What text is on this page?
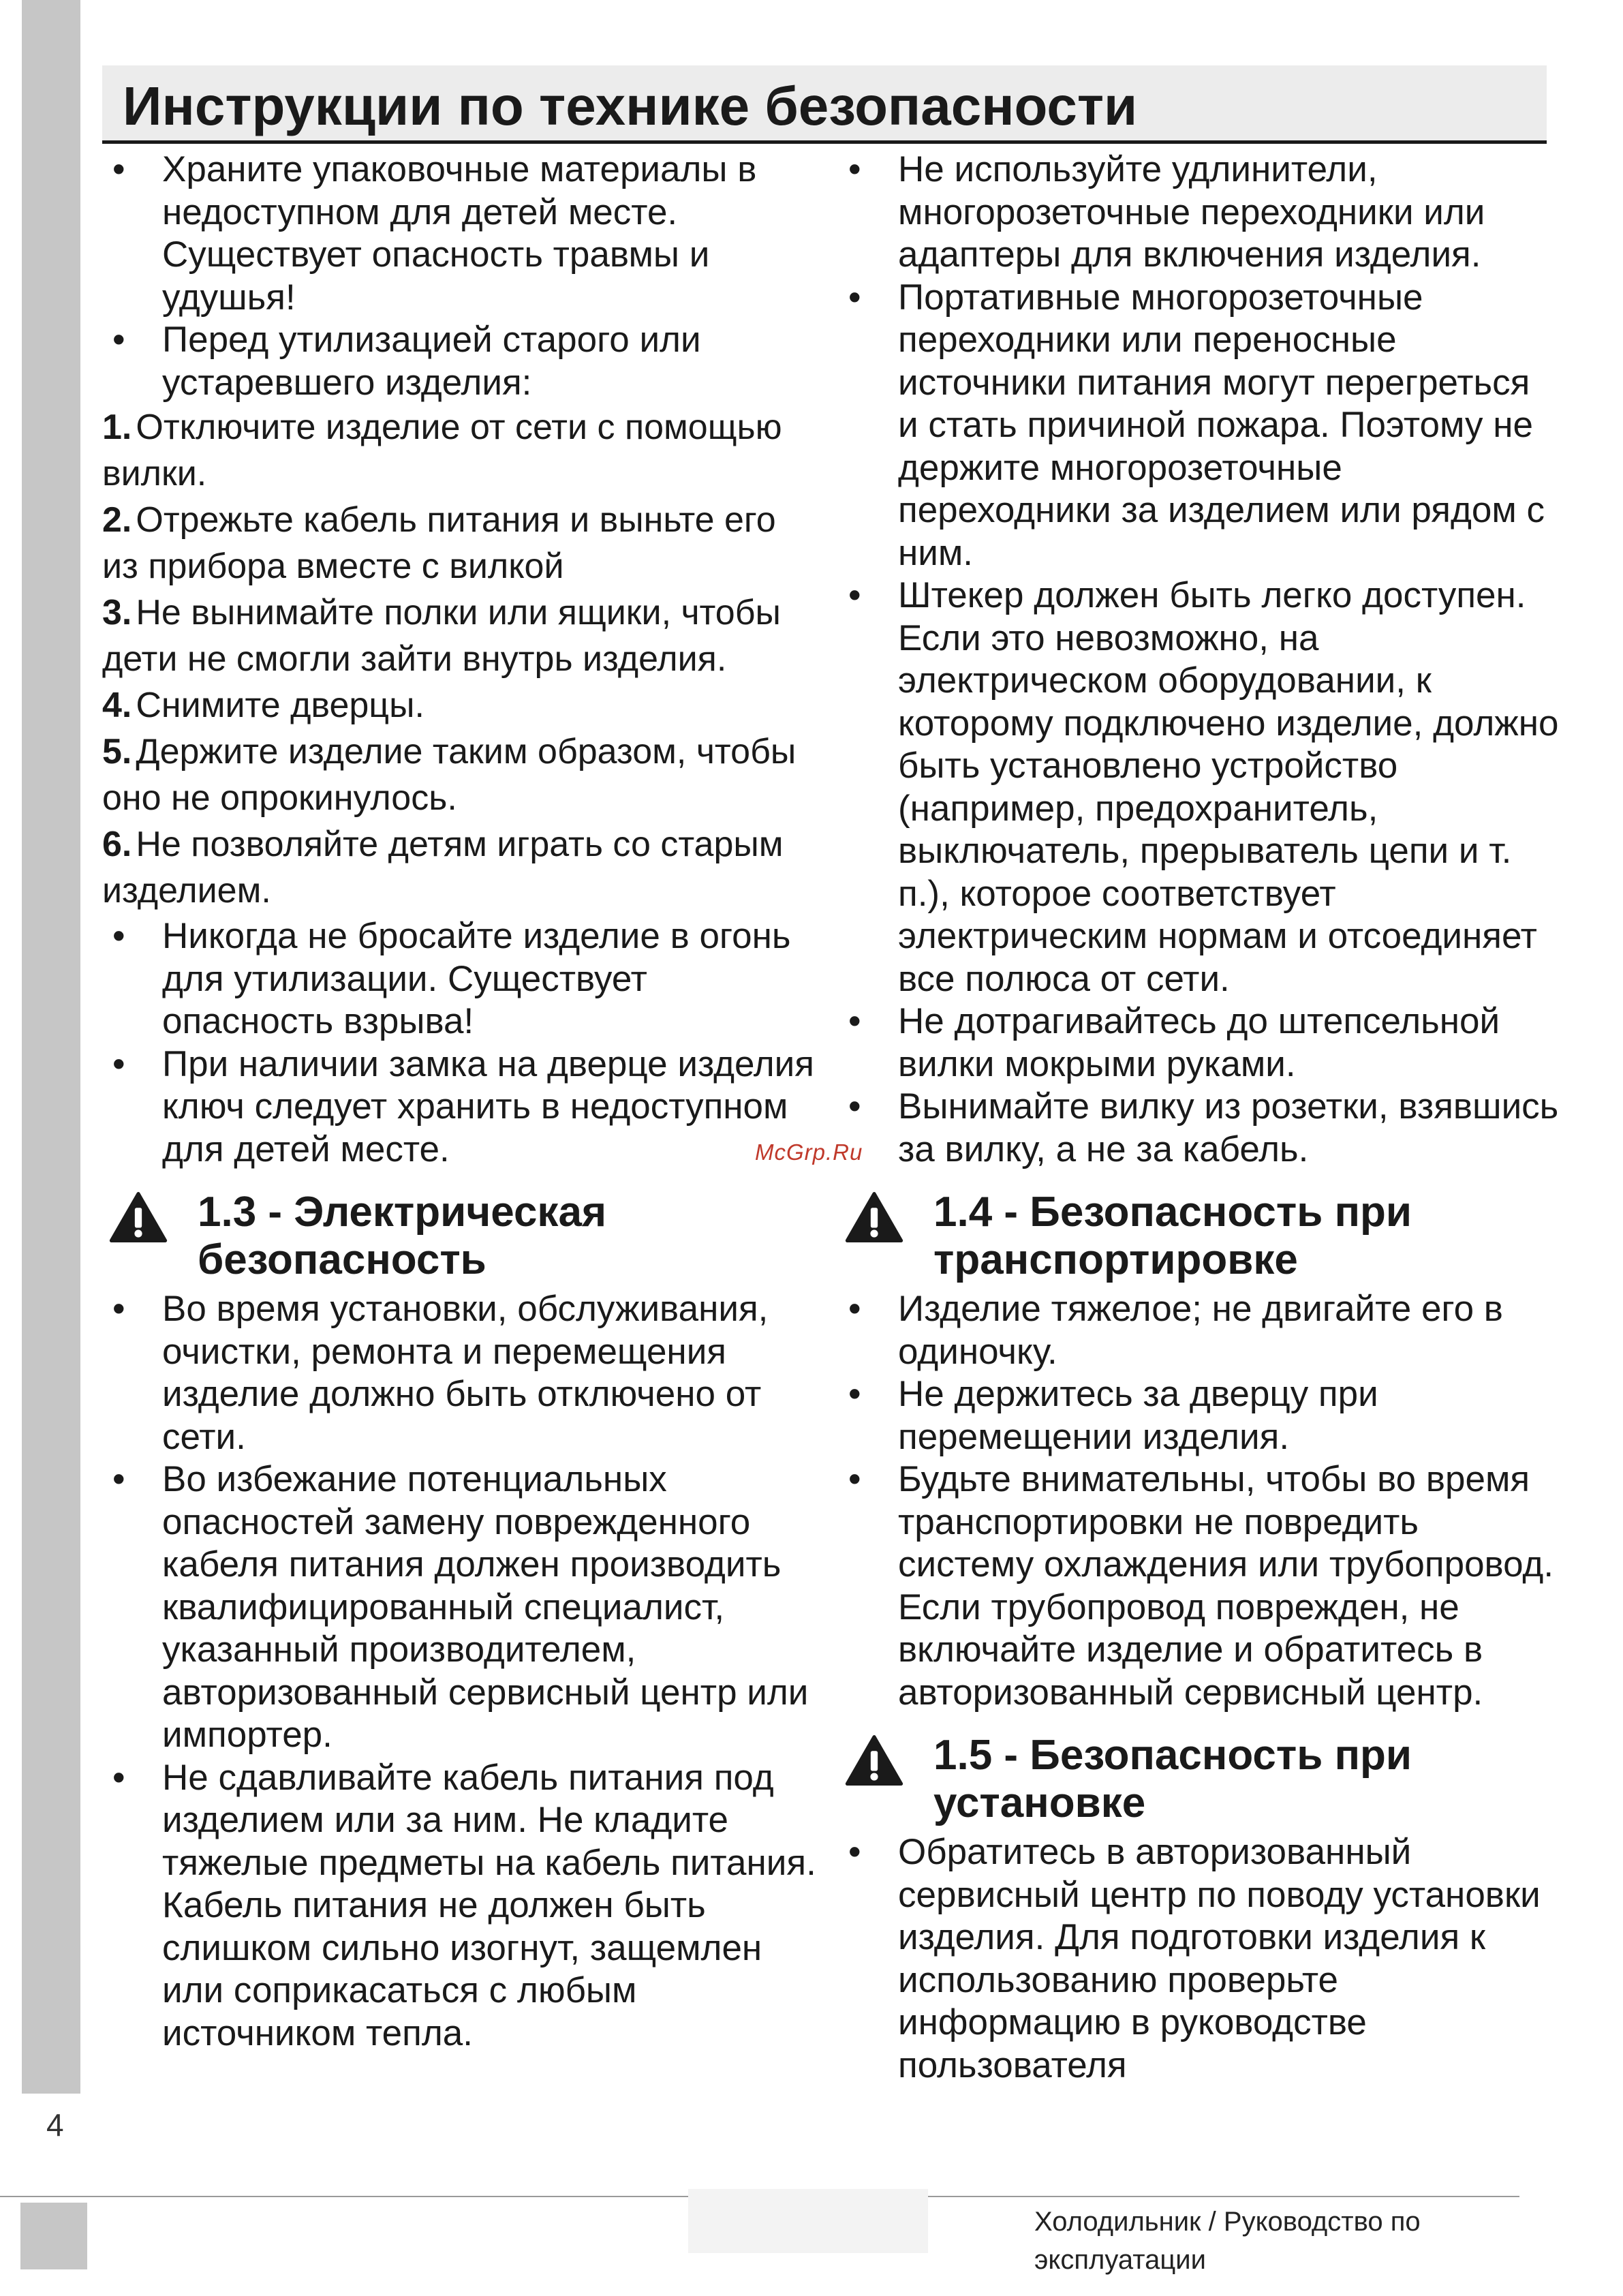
Инструкции по технике безопасности
• Храните упаковочные материалы в недоступном для детей месте. Существует опасность травмы и удушья!
• Перед утилизацией старого или устаревшего изделия:
1. Отключите изделие от сети с помощью вилки.
2. Отрежьте кабель питания и выньте его из прибора вместе с вилкой
3. Не вынимайте полки или ящики, чтобы дети не смогли зайти внутрь изделия.
4. Снимите дверцы.
5. Держите изделие таким образом, чтобы оно не опрокинулось.
6. Не позволяйте детям играть со старым изделием.
• Никогда не бросайте изделие в огонь для утилизации. Существует опасность взрыва!
• При наличии замка на дверце изделия ключ следует хранить в недоступном для детей месте.
1.3 - Электрическая безопасность
• Во время установки, обслуживания, очистки, ремонта и перемещения изделие должно быть отключено от сети.
• Во избежание потенциальных опасностей замену поврежденного кабеля питания должен производить квалифицированный специалист, указанный производителем, авторизованный сервисный центр или импортер.
• Не сдавливайте кабель питания под изделием или за ним. Не кладите тяжелые предметы на кабель питания. Кабель питания не должен быть слишком сильно изогнут, защемлен или соприкасаться с любым источником тепла.
• Не используйте удлинители, многорозеточные переходники или адаптеры для включения изделия.
• Портативные многорозеточные переходники или переносные источники питания могут перегреться и стать причиной пожара. Поэтому не держите многорозеточные переходники за изделием или рядом с ним.
• Штекер должен быть легко доступен. Если это невозможно, на электрическом оборудовании, к которому подключено изделие, должно быть установлено устройство (например, предохранитель, выключатель, прерыватель цепи и т. п.), которое соответствует электрическим нормам и отсоединяет все полюса от сети.
• Не дотрагивайтесь до штепсельной вилки мокрыми руками.
• Вынимайте вилку из розетки, взявшись за вилку, а не за кабель.
1.4 - Безопасность при транспортировке
• Изделие тяжелое; не двигайте его в одиночку.
• Не держитесь за дверцу при перемещении изделия.
• Будьте внимательны, чтобы во время транспортировки не повредить систему охлаждения или трубопровод. Если трубопровод поврежден, не включайте изделие и обратитесь в авторизованный сервисный центр.
1.5 - Безопасность при установке
• Обратитесь в авторизованный сервисный центр по поводу установки изделия. Для подготовки изделия к использованию проверьте информацию в руководстве пользователя
McGrp.Ru
4
Холодильник / Руководство по эксплуатации
